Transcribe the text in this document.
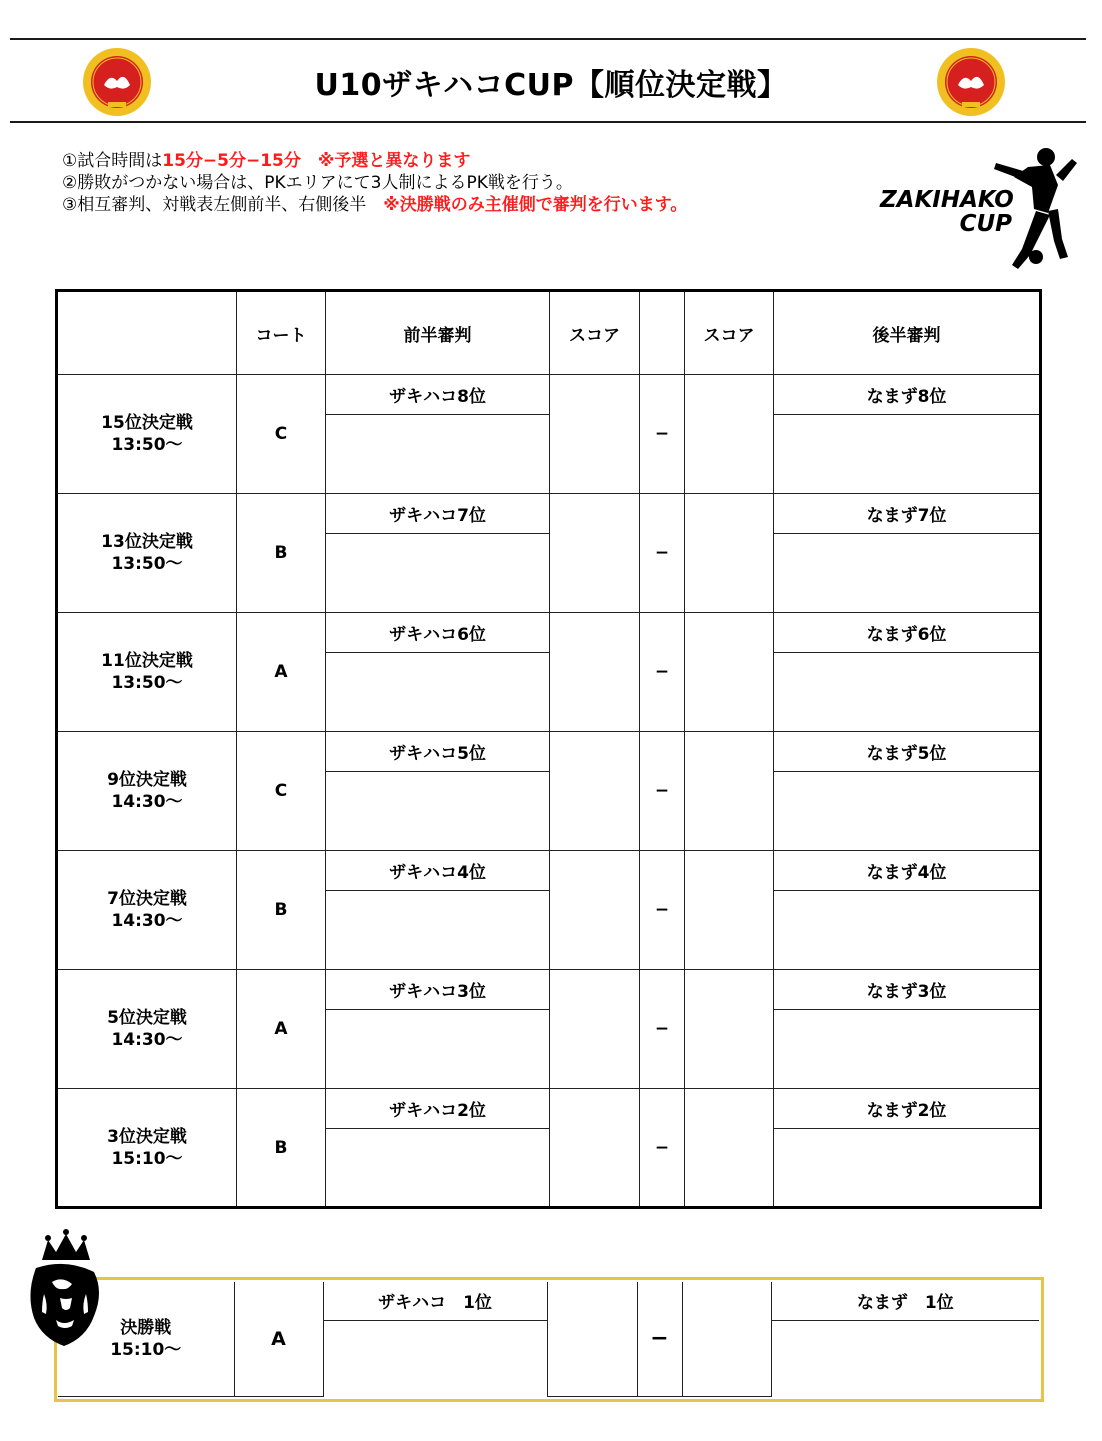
U10ザキハコCUP【順位決定戦】
①試合時間は15分−5分−15分　※予選と異なります
②勝敗がつかない場合は、PKエリアにて3人制によるPK戦を行う。
③相互審判、対戦表左側前半、右側後半　※決勝戦のみ主催側で審判を行います。	ZAKIHAKO
CUP
	コート	前半審判	スコア		スコア	後半審判

15位決定戦
13:50〜	C	ザキハコ8位		−		なまず8位

13位決定戦
13:50〜	B	ザキハコ7位		−		なまず7位

11位決定戦
13:50〜	A	ザキハコ6位		−		なまず6位

9位決定戦
14:30〜	C	ザキハコ5位		−		なまず5位

7位決定戦
14:30〜	B	ザキハコ4位		−		なまず4位

5位決定戦
14:30〜	A	ザキハコ3位		−		なまず3位

3位決定戦
15:10〜	B	ザキハコ2位		−		なまず2位

決勝戦
15:10〜	A	ザキハコ　1位		−		なまず　1位
